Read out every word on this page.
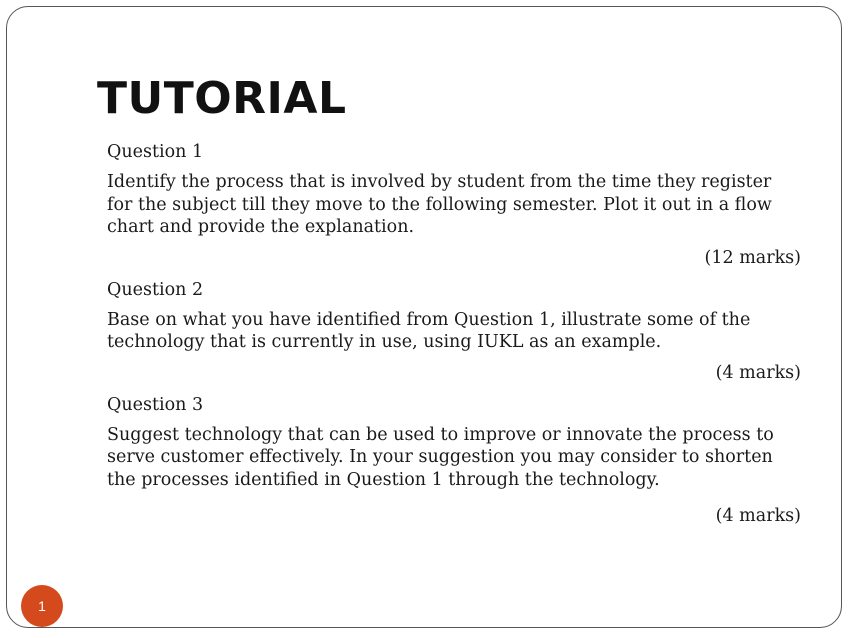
TUTORIAL

Question 1

Identify the process that is involved by student from the time they register for the subject till they move to the following semester. Plot it out in a flow chart and provide the explanation.

(12 marks)

Question 2

Base on what you have identified from Question 1, illustrate some of the technology that is currently in use, using IUKL as an example.

(4 marks)

Question 3

Suggest technology that can be used to improve or innovate the process to serve customer effectively. In your suggestion you may consider to shorten the processes identified in Question 1 through the technology.

(4 marks)

1
